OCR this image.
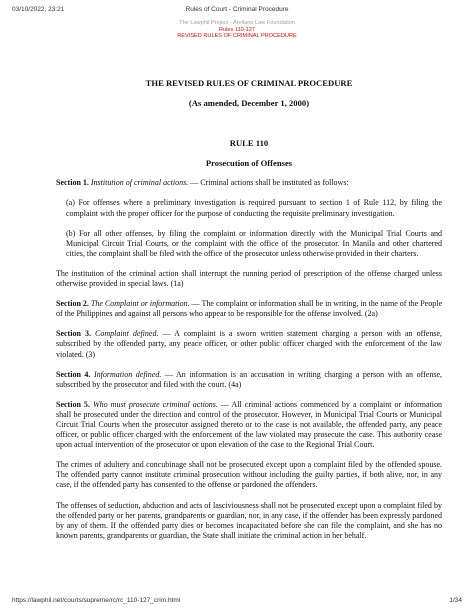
03/10/2022, 23:21	Rules of Court - Criminal Procedure
The Lawphil Project - Arellano Law Foundation
Rules 110-127
REVISED RULES OF CRIMINAL PROCEDURE
THE REVISED RULES OF CRIMINAL PROCEDURE
(As amended, December 1, 2000)
RULE 110
Prosecution of Offenses

Section 1. Institution of criminal actions. — Criminal actions shall be instituted as follows:

(a) For offenses where a preliminary investigation is required pursuant to section 1 of Rule 112, by filing the complaint with the proper officer for the purpose of conducting the requisite preliminary investigation.

(b) For all other offenses, by filing the complaint or information directly with the Municipal Trial Courts and Municipal Circuit Trial Courts, or the complaint with the office of the prosecutor. In Manila and other chartered cities, the complaint shall be filed with the office of the prosecutor unless otherwise provided in their charters.

The institution of the criminal action shall interrupt the running period of prescription of the offense charged unless otherwise provided in special laws. (1a)

Section 2. The Complaint or information. — The complaint or information shall be in writing, in the name of the People of the Philippines and against all persons who appear to be responsible for the offense involved. (2a)

Section 3. Complaint defined. — A complaint is a sworn written statement charging a person with an offense, subscribed by the offended party, any peace officer, or other public officer charged with the enforcement of the law violated. (3)

Section 4. Information defined. — An information is an accusation in writing charging a person with an offense, subscribed by the prosecutor and filed with the court. (4a)

Section 5. Who must prosecute criminal actions. — All criminal actions commenced by a complaint or information shall be prosecuted under the direction and control of the prosecutor. However, in Municipal Trial Courts or Municipal Circuit Trial Courts when the prosecutor assigned thereto or to the case is not available, the offended party, any peace officer, or public officer charged with the enforcement of the law violated may prosecute the case. This authority cease upon actual intervention of the prosecutor or upon elevation of the case to the Regional Trial Court.

The crimes of adultery and concubinage shall not be prosecuted except upon a complaint filed by the offended spouse. The offended party cannot institute criminal prosecution without including the guilty parties, if both alive, nor, in any case, if the offended party has consented to the offense or pardoned the offenders.

The offenses of seduction, abduction and acts of lasciviousness shall not be prosecuted except upon a complaint filed by the offended party or her parents, grandparents or guardian, nor, in any case, if the offender has been expressly pardoned by any of them. If the offended party dies or becomes incapacitated before she can file the complaint, and she has no known parents, grandparents or guardian, the State shall initiate the criminal action in her behalf.

https://lawphil.net/courts/supreme/rc/rc_110-127_crim.html	1/34
